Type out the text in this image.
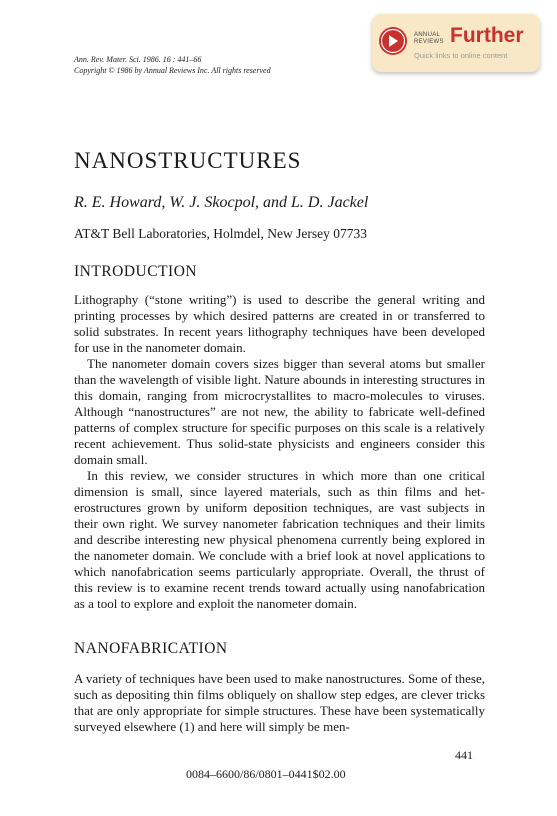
Ann. Rev. Mater. Sci. 1986. 16 : 441–66
Copyright © 1986 by Annual Reviews Inc. All rights reserved
ANNUAL
REVIEWS Further
Quick links to online content
NANOSTRUCTURES
R. E. Howard, W. J. Skocpol, and L. D. Jackel
AT&T Bell Laboratories, Holmdel, New Jersey 07733
INTRODUCTION

Lithography (“stone writing”) is used to describe the general writing and printing processes by which desired patterns are created in or transferred to solid substrates. In recent years lithography techniques have been developed for use in the nanometer domain.

The nanometer domain covers sizes bigger than several atoms but smaller than the wavelength of visible light. Nature abounds in interesting structures in this domain, ranging from microcrystallites to macro-molecules to viruses. Although “nanostructures” are not new, the ability to fabricate well-defined patterns of complex structure for specific purposes on this scale is a relatively recent achievement. Thus solid-state physicists and engineers consider this domain small.

In this review, we consider structures in which more than one critical dimension is small, since layered materials, such as thin films and het-erostructures grown by uniform deposition techniques, are vast subjects in their own right. We survey nanometer fabrication techniques and their limits and describe interesting new physical phenomena currently being explored in the nanometer domain. We conclude with a brief look at novel applications to which nanofabrication seems particularly appropriate. Overall, the thrust of this review is to examine recent trends toward actually using nanofabrication as a tool to explore and exploit the nanometer domain.

NANOFABRICATION

A variety of techniques have been used to make nanostructures. Some of these, such as depositing thin films obliquely on shallow step edges, are clever tricks that are only appropriate for simple structures. These have been systematically surveyed elsewhere (1) and here will simply be men-

441
0084–6600/86/0801–0441$02.00
